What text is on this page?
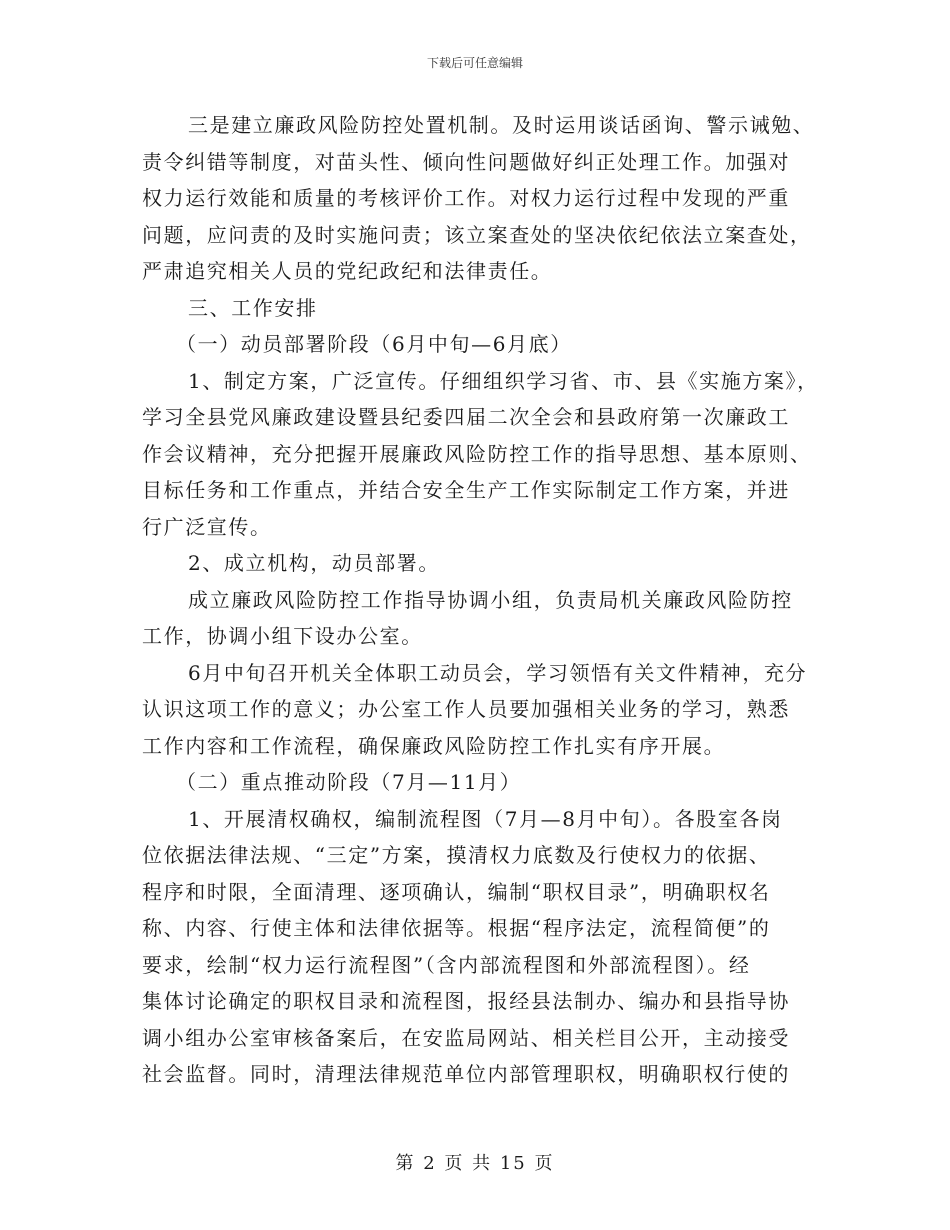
下载后可任意编辑
三是建立廉政风险防控处置机制。及时运用谈话函询、警示诫勉、
责令纠错等制度，对苗头性、倾向性问题做好纠正处理工作。加强对
权力运行效能和质量的考核评价工作。对权力运行过程中发现的严重
问题，应问责的及时实施问责；该立案查处的坚决依纪依法立案查处，
严肃追究相关人员的党纪政纪和法律责任。
三、工作安排
（一）动员部署阶段（6月中旬—6月底）
1、制定方案，广泛宣传。仔细组织学习省、市、县《实施方案》，
学习全县党风廉政建设暨县纪委四届二次全会和县政府第一次廉政工
作会议精神，充分把握开展廉政风险防控工作的指导思想、基本原则、
目标任务和工作重点，并结合安全生产工作实际制定工作方案，并进
行广泛宣传。
2、成立机构，动员部署。
成立廉政风险防控工作指导协调小组，负责局机关廉政风险防控
工作，协调小组下设办公室。
6月中旬召开机关全体职工动员会，学习领悟有关文件精神，充分
认识这项工作的意义；办公室工作人员要加强相关业务的学习，熟悉
工作内容和工作流程，确保廉政风险防控工作扎实有序开展。
（二）重点推动阶段（7月—11月）
1、开展清权确权，编制流程图（7月—8月中旬）。各股室各岗
位依据法律法规、“三定”方案，摸清权力底数及行使权力的依据、
程序和时限，全面清理、逐项确认，编制“职权目录”，明确职权名
称、内容、行使主体和法律依据等。根据“程序法定，流程简便”的
要求，绘制“权力运行流程图”（含内部流程图和外部流程图）。经
集体讨论确定的职权目录和流程图，报经县法制办、编办和县指导协
调小组办公室审核备案后，在安监局网站、相关栏目公开，主动接受
社会监督。同时，清理法律规范单位内部管理职权，明确职权行使的
第 2 页 共 15 页
